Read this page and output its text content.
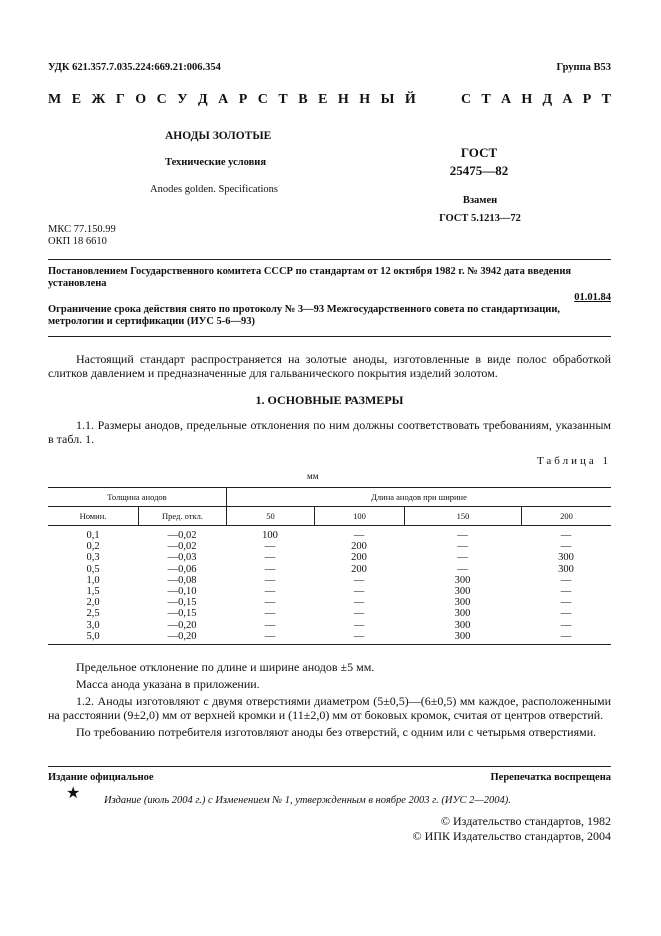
УДК 621.357.7.035.224:669.21:006.354	Группа В53
М Е Ж Г О С У Д А Р С Т В Е Н Н Ы Й	С Т А Н Д А Р Т
АНОДЫ ЗОЛОТЫЕ
Технические условия
Anodes golden. Specifications
ГОСТ
25475—82
Взамен
ГОСТ 5.1213—72
МКС 77.150.99
ОКП 18 6610
Постановлением Государственного комитета СССР по стандартам от 12 октября 1982 г. № 3942 дата введения установлена
01.01.84
Ограничение срока действия снято по протоколу № 3—93 Межгосударственного совета по стандартизации, метрологии и сертификации (ИУС 5-6—93)
Настоящий стандарт распространяется на золотые аноды, изготовленные в виде полос обработкой слитков давлением и предназначенные для гальванического покрытия изделий золотом.
1. ОСНОВНЫЕ РАЗМЕРЫ
1.1. Размеры анодов, предельные отклонения по ним должны соответствовать требованиям, указанным в табл. 1.
Таблица 1
мм
Толщина анодов	Длина анодов при ширине
Номин.	Пред. откл.	50	100	150	200
0,1	—0,02	100	—	—	—
0,2	—0,02	—	200	—	—
0,3	—0,03	—	200	—	300
0,5	—0,06	—	200	—	300
1,0	—0,08	—	—	300	—
1,5	—0,10	—	—	300	—
2,0	—0,15	—	—	300	—
2,5	—0,15	—	—	300	—
3,0	—0,20	—	—	300	—
5,0	—0,20	—	—	300	—

Предельное отклонение по длине и ширине анодов ±5 мм.

Масса анода указана в приложении.

1.2. Аноды изготовляют с двумя отверстиями диаметром (5±0,5)—(6±0,5) мм каждое, расположенными на расстоянии (9±2,0) мм от верхней кромки и (11±2,0) мм от боковых кромок, считая от центров отверстий.

По требованию потребителя изготовляют аноды без отверстий, с одним или с четырьмя отверстиями.

Издание официальное	Перепечатка воспрещена
★ Издание (июль 2004 г.) с Изменением № 1, утвержденным в ноябре 2003 г. (ИУС 2—2004).
© Издательство стандартов, 1982
© ИПК Издательство стандартов, 2004
